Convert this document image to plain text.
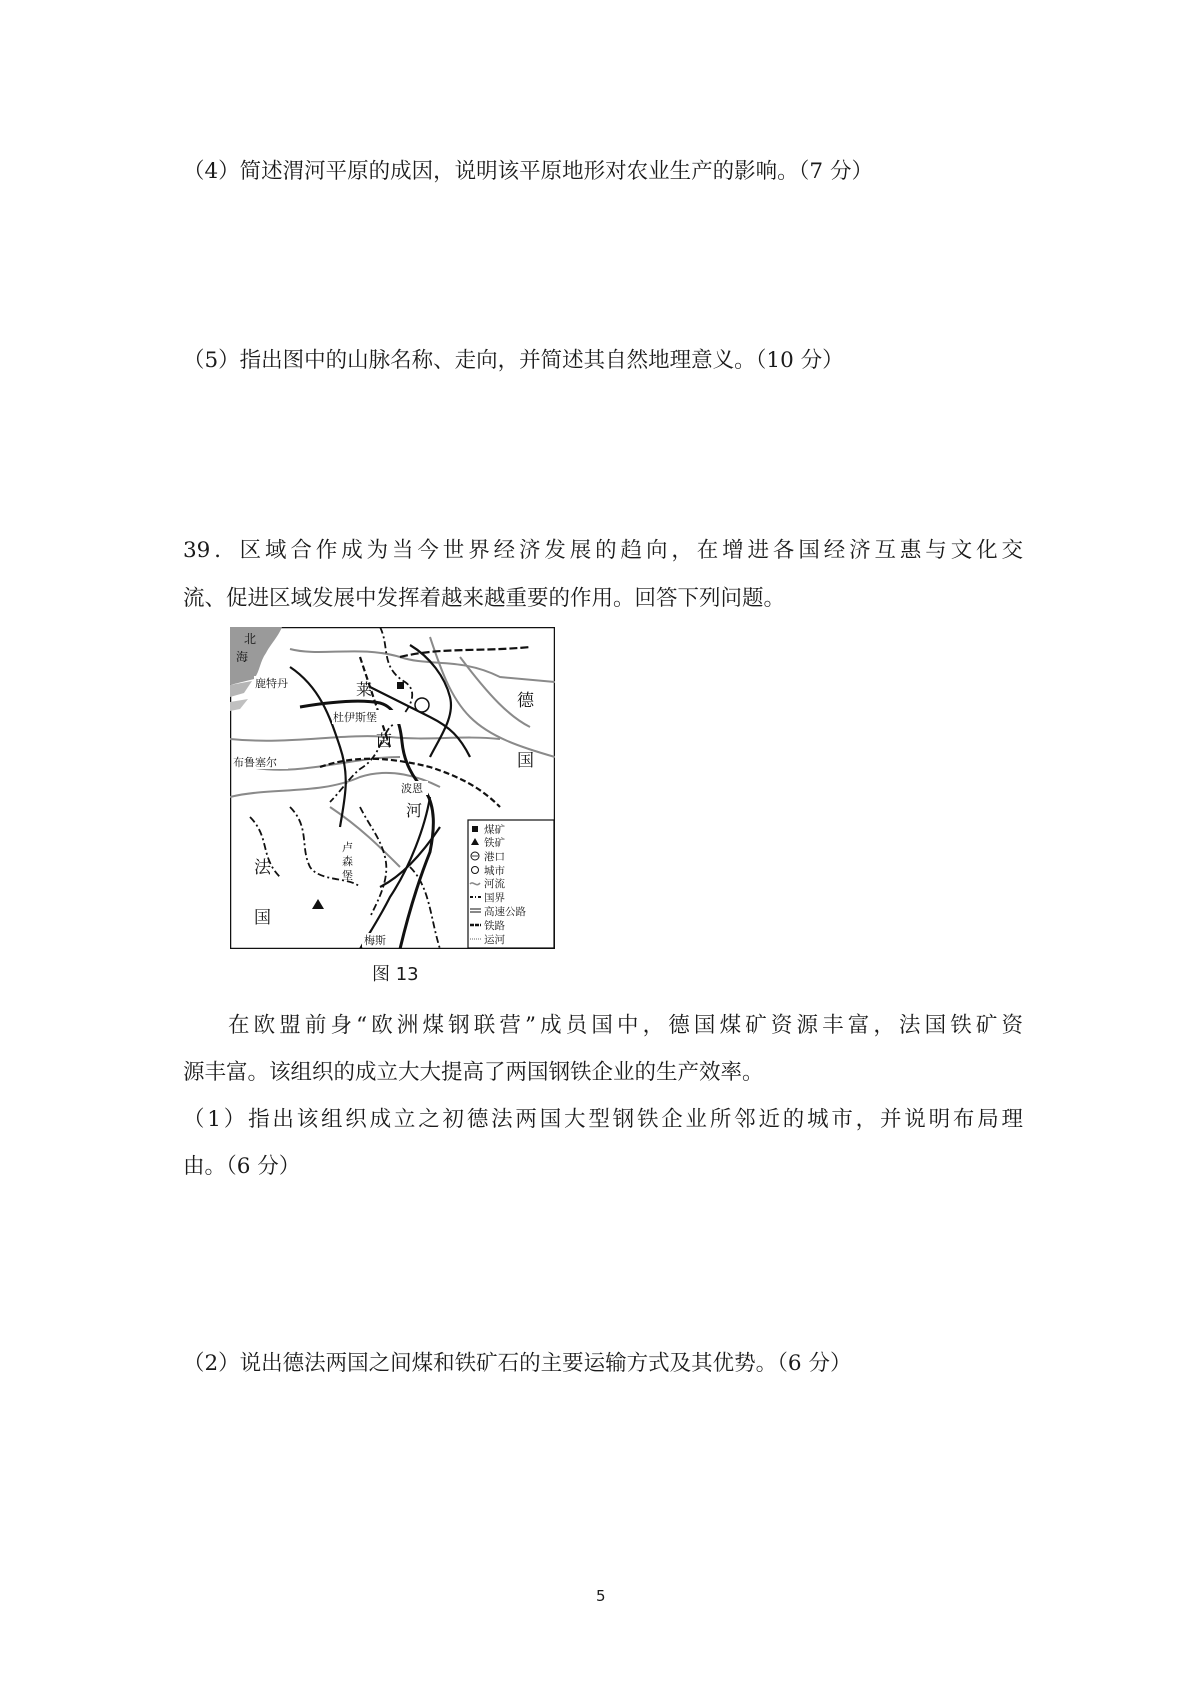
（4）简述渭河平原的成因，说明该平原地形对农业生产的影响。（7 分）
（5）指出图中的山脉名称、走向，并简述其自然地理意义。（10 分）
39．区域合作成为当今世界经济发展的趋向，在增进各国经济互惠与文化交
流、促进区域发展中发挥着越来越重要的作用。回答下列问题。
北
海
鹿特丹
杜伊斯堡
布鲁塞尔
波恩
卢
森
堡
梅斯
莱
茵
河
德
国
法
国
煤矿
铁矿
港口
城市
河流
国界
高速公路
铁路
运河
图 13
在欧盟前身“欧洲煤钢联营”成员国中，德国煤矿资源丰富，法国铁矿资
源丰富。该组织的成立大大提高了两国钢铁企业的生产效率。
（1）指出该组织成立之初德法两国大型钢铁企业所邻近的城市，并说明布局理
由。（6 分）
（2）说出德法两国之间煤和铁矿石的主要运输方式及其优势。（6 分）
5
